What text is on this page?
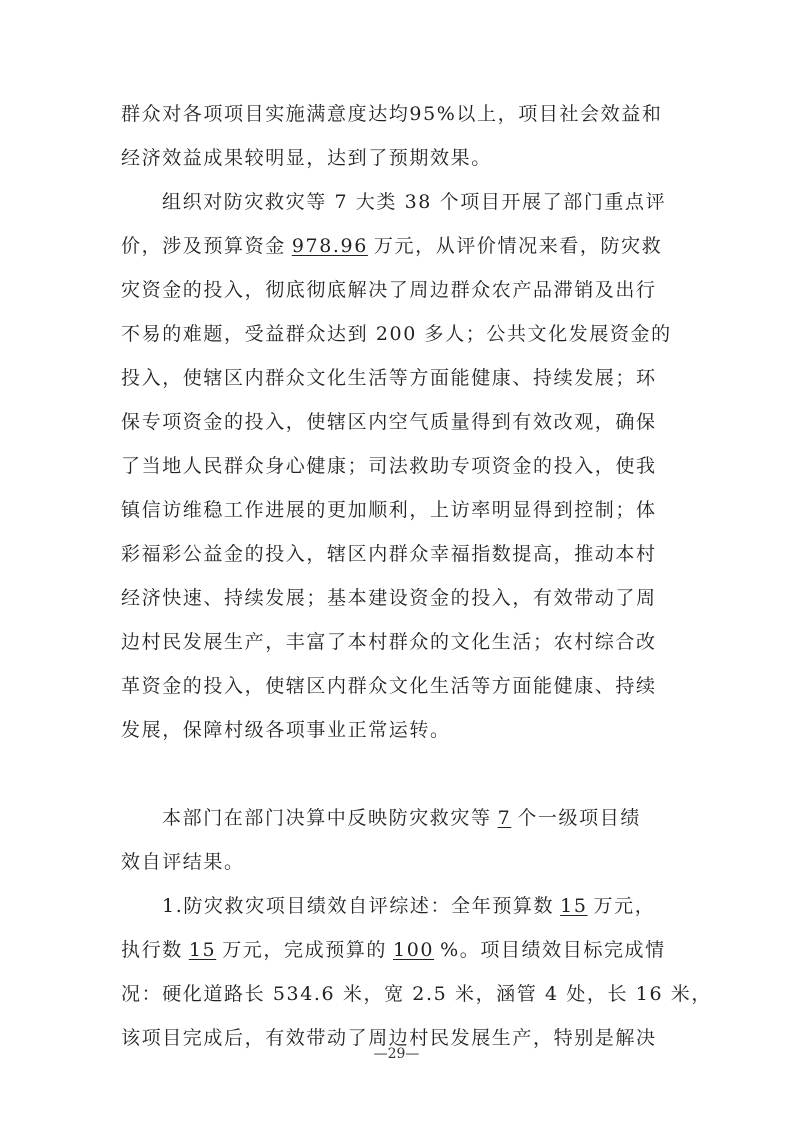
群众对各项项目实施满意度达均95%以上，项目社会效益和
经济效益成果较明显，达到了预期效果。
组织对防灾救灾等 7 大类 38 个项目开展了部门重点评
价，涉及预算资金 978.96 万元，从评价情况来看，防灾救
灾资金的投入，彻底彻底解决了周边群众农产品滞销及出行
不易的难题，受益群众达到 200 多人；公共文化发展资金的
投入，使辖区内群众文化生活等方面能健康、持续发展；环
保专项资金的投入，使辖区内空气质量得到有效改观，确保
了当地人民群众身心健康；司法救助专项资金的投入，使我
镇信访维稳工作进展的更加顺利，上访率明显得到控制；体
彩福彩公益金的投入，辖区内群众幸福指数提高，推动本村
经济快速、持续发展；基本建设资金的投入，有效带动了周
边村民发展生产，丰富了本村群众的文化生活；农村综合改
革资金的投入，使辖区内群众文化生活等方面能健康、持续
发展，保障村级各项事业正常运转。
本部门在部门决算中反映防灾救灾等 7 个一级项目绩
效自评结果。
1.防灾救灾项目绩效自评综述：全年预算数 15 万元，
执行数 15 万元，完成预算的 100 %。项目绩效目标完成情
况：硬化道路长 534.6 米，宽 2.5 米，涵管 4 处，长 16 米，
该项目完成后，有效带动了周边村民发展生产，特别是解决
—29—
